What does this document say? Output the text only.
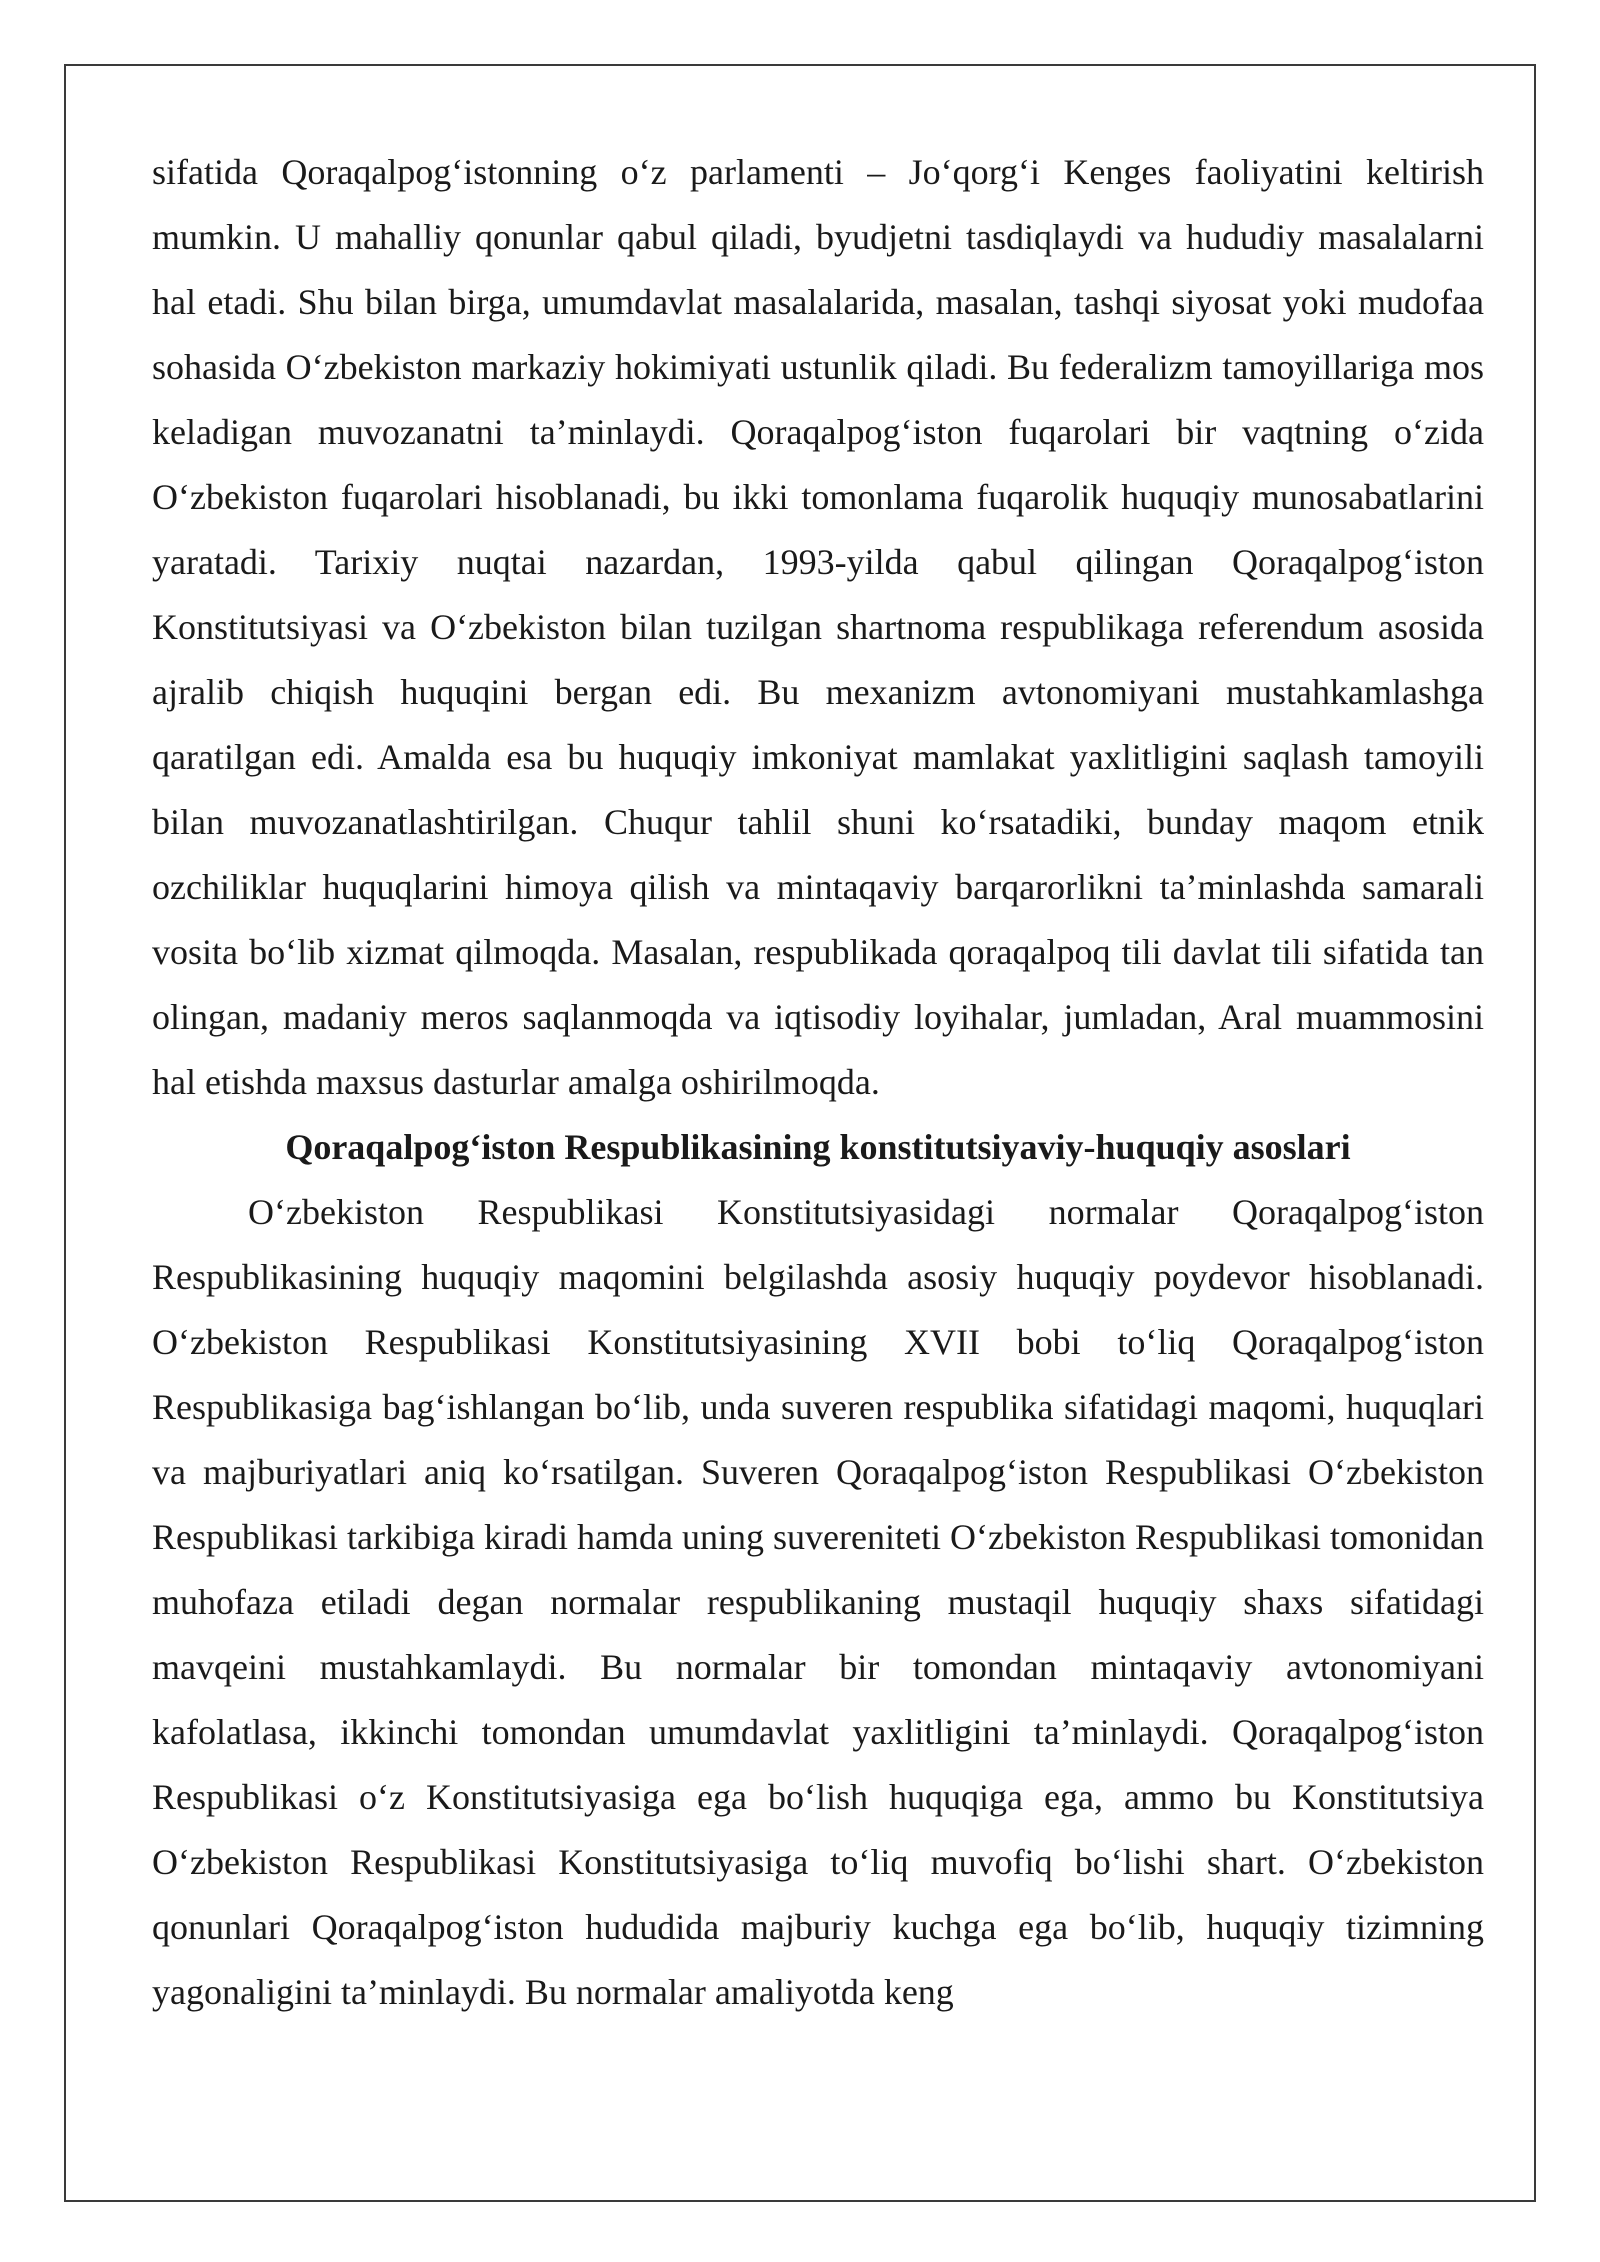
sifatida Qoraqalpogʻistonning oʻz parlamenti – Joʻqorgʻi Kenges faoliyatini keltirish mumkin. U mahalliy qonunlar qabul qiladi, byudjetni tasdiqlaydi va hududiy masalalarni hal etadi. Shu bilan birga, umumdavlat masalalarida, masalan, tashqi siyosat yoki mudofaa sohasida Oʻzbekiston markaziy hokimiyati ustunlik qiladi. Bu federalizm tamoyillariga mos keladigan muvozanatni ta’minlaydi. Qoraqalpogʻiston fuqarolari bir vaqtning oʻzida Oʻzbekiston fuqarolari hisoblanadi, bu ikki tomonlama fuqarolik huquqiy munosabatlarini yaratadi. Tarixiy nuqtai nazardan, 1993-yilda qabul qilingan Qoraqalpogʻiston Konstitutsiyasi va Oʻzbekiston bilan tuzilgan shartnoma respublikaga referendum asosida ajralib chiqish huquqini bergan edi. Bu mexanizm avtonomiyani mustahkamlashga qaratilgan edi. Amalda esa bu huquqiy imkoniyat mamlakat yaxlitligini saqlash tamoyili bilan muvozanatlashtirilgan. Chuqur tahlil shuni koʻrsatadiki, bunday maqom etnik ozchiliklar huquqlarini himoya qilish va mintaqaviy barqarorlikni ta’minlashda samarali vosita boʻlib xizmat qilmoqda. Masalan, respublikada qoraqalpoq tili davlat tili sifatida tan olingan, madaniy meros saqlanmoqda va iqtisodiy loyihalar, jumladan, Aral muammosini hal etishda maxsus dasturlar amalga oshirilmoqda.

Qoraqalpogʻiston Respublikasining konstitutsiyaviy-huquqiy asoslari

Oʻzbekiston Respublikasi Konstitutsiyasidagi normalar Qoraqalpogʻiston Respublikasining huquqiy maqomini belgilashda asosiy huquqiy poydevor hisoblanadi. Oʻzbekiston Respublikasi Konstitutsiyasining XVII bobi toʻliq Qoraqalpogʻiston Respublikasiga bagʻishlangan boʻlib, unda suveren respublika sifatidagi maqomi, huquqlari va majburiyatlari aniq koʻrsatilgan. Suveren Qoraqalpogʻiston Respublikasi Oʻzbekiston Respublikasi tarkibiga kiradi hamda uning suvereniteti Oʻzbekiston Respublikasi tomonidan muhofaza etiladi degan normalar respublikaning mustaqil huquqiy shaxs sifatidagi mavqeini mustahkamlaydi. Bu normalar bir tomondan mintaqaviy avtonomiyani kafolatlasa, ikkinchi tomondan umumdavlat yaxlitligini ta’minlaydi. Qoraqalpogʻiston Respublikasi oʻz Konstitutsiyasiga ega boʻlish huquqiga ega, ammo bu Konstitutsiya Oʻzbekiston Respublikasi Konstitutsiyasiga toʻliq muvofiq boʻlishi shart. Oʻzbekiston qonunlari Qoraqalpogʻiston hududida majburiy kuchga ega boʻlib, huquqiy tizimning yagonaligini ta’minlaydi. Bu normalar amaliyotda keng
